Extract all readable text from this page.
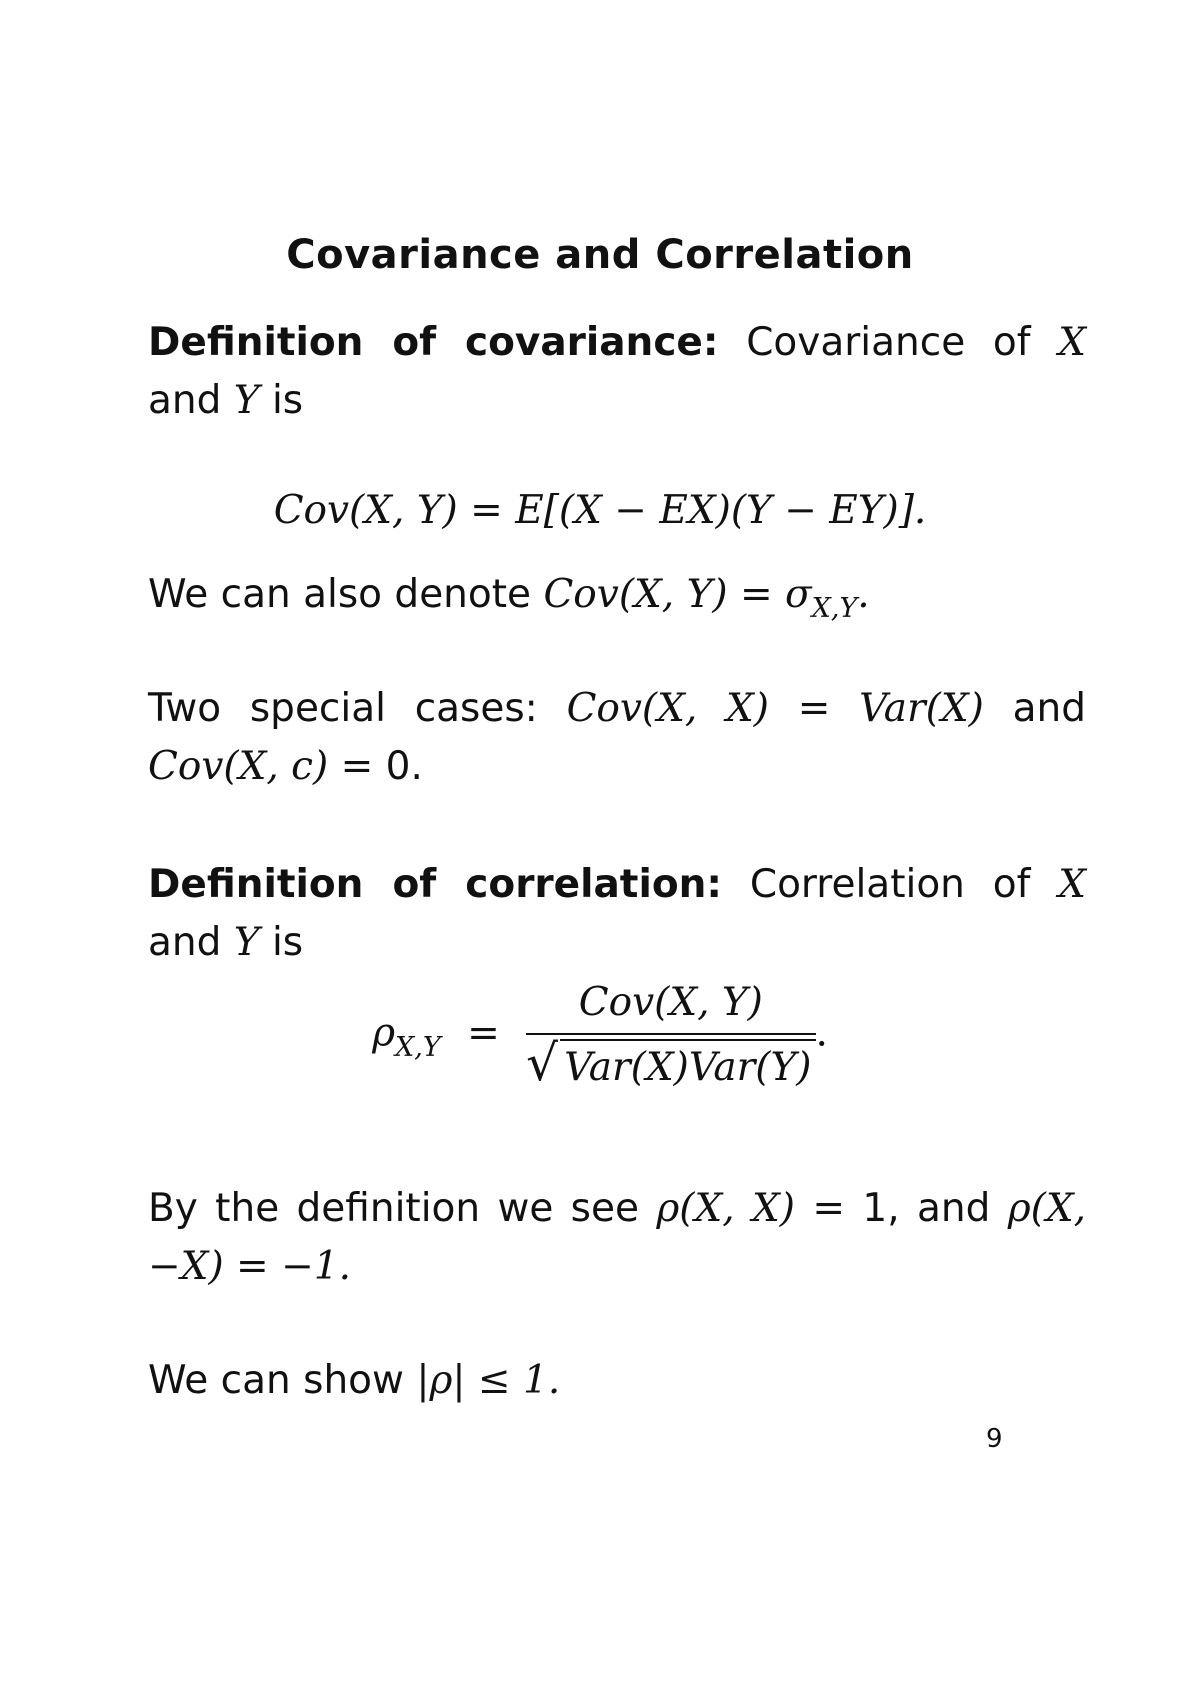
Covariance and Correlation
Definition of covariance: Covariance of X and Y is
Cov(X, Y) = E[(X − EX)(Y − EY)].
We can also denote Cov(X, $Y) = \sigma_{X,Y}$.
Two special cases: Cov(X, X) = Var(X) and Cov(X, c) = 0.
Definition of correlation: Correlation of X and Y is
$\rho_{X,Y} = \frac{\text{Cov(X, Y)}}{\text{√ Var(X)Var(Y)}}$ .
By the definition we see ρ(X, X) = 1, and ρ(X, −X) = −1.
We can show |ρ| ≤ 1.
9
